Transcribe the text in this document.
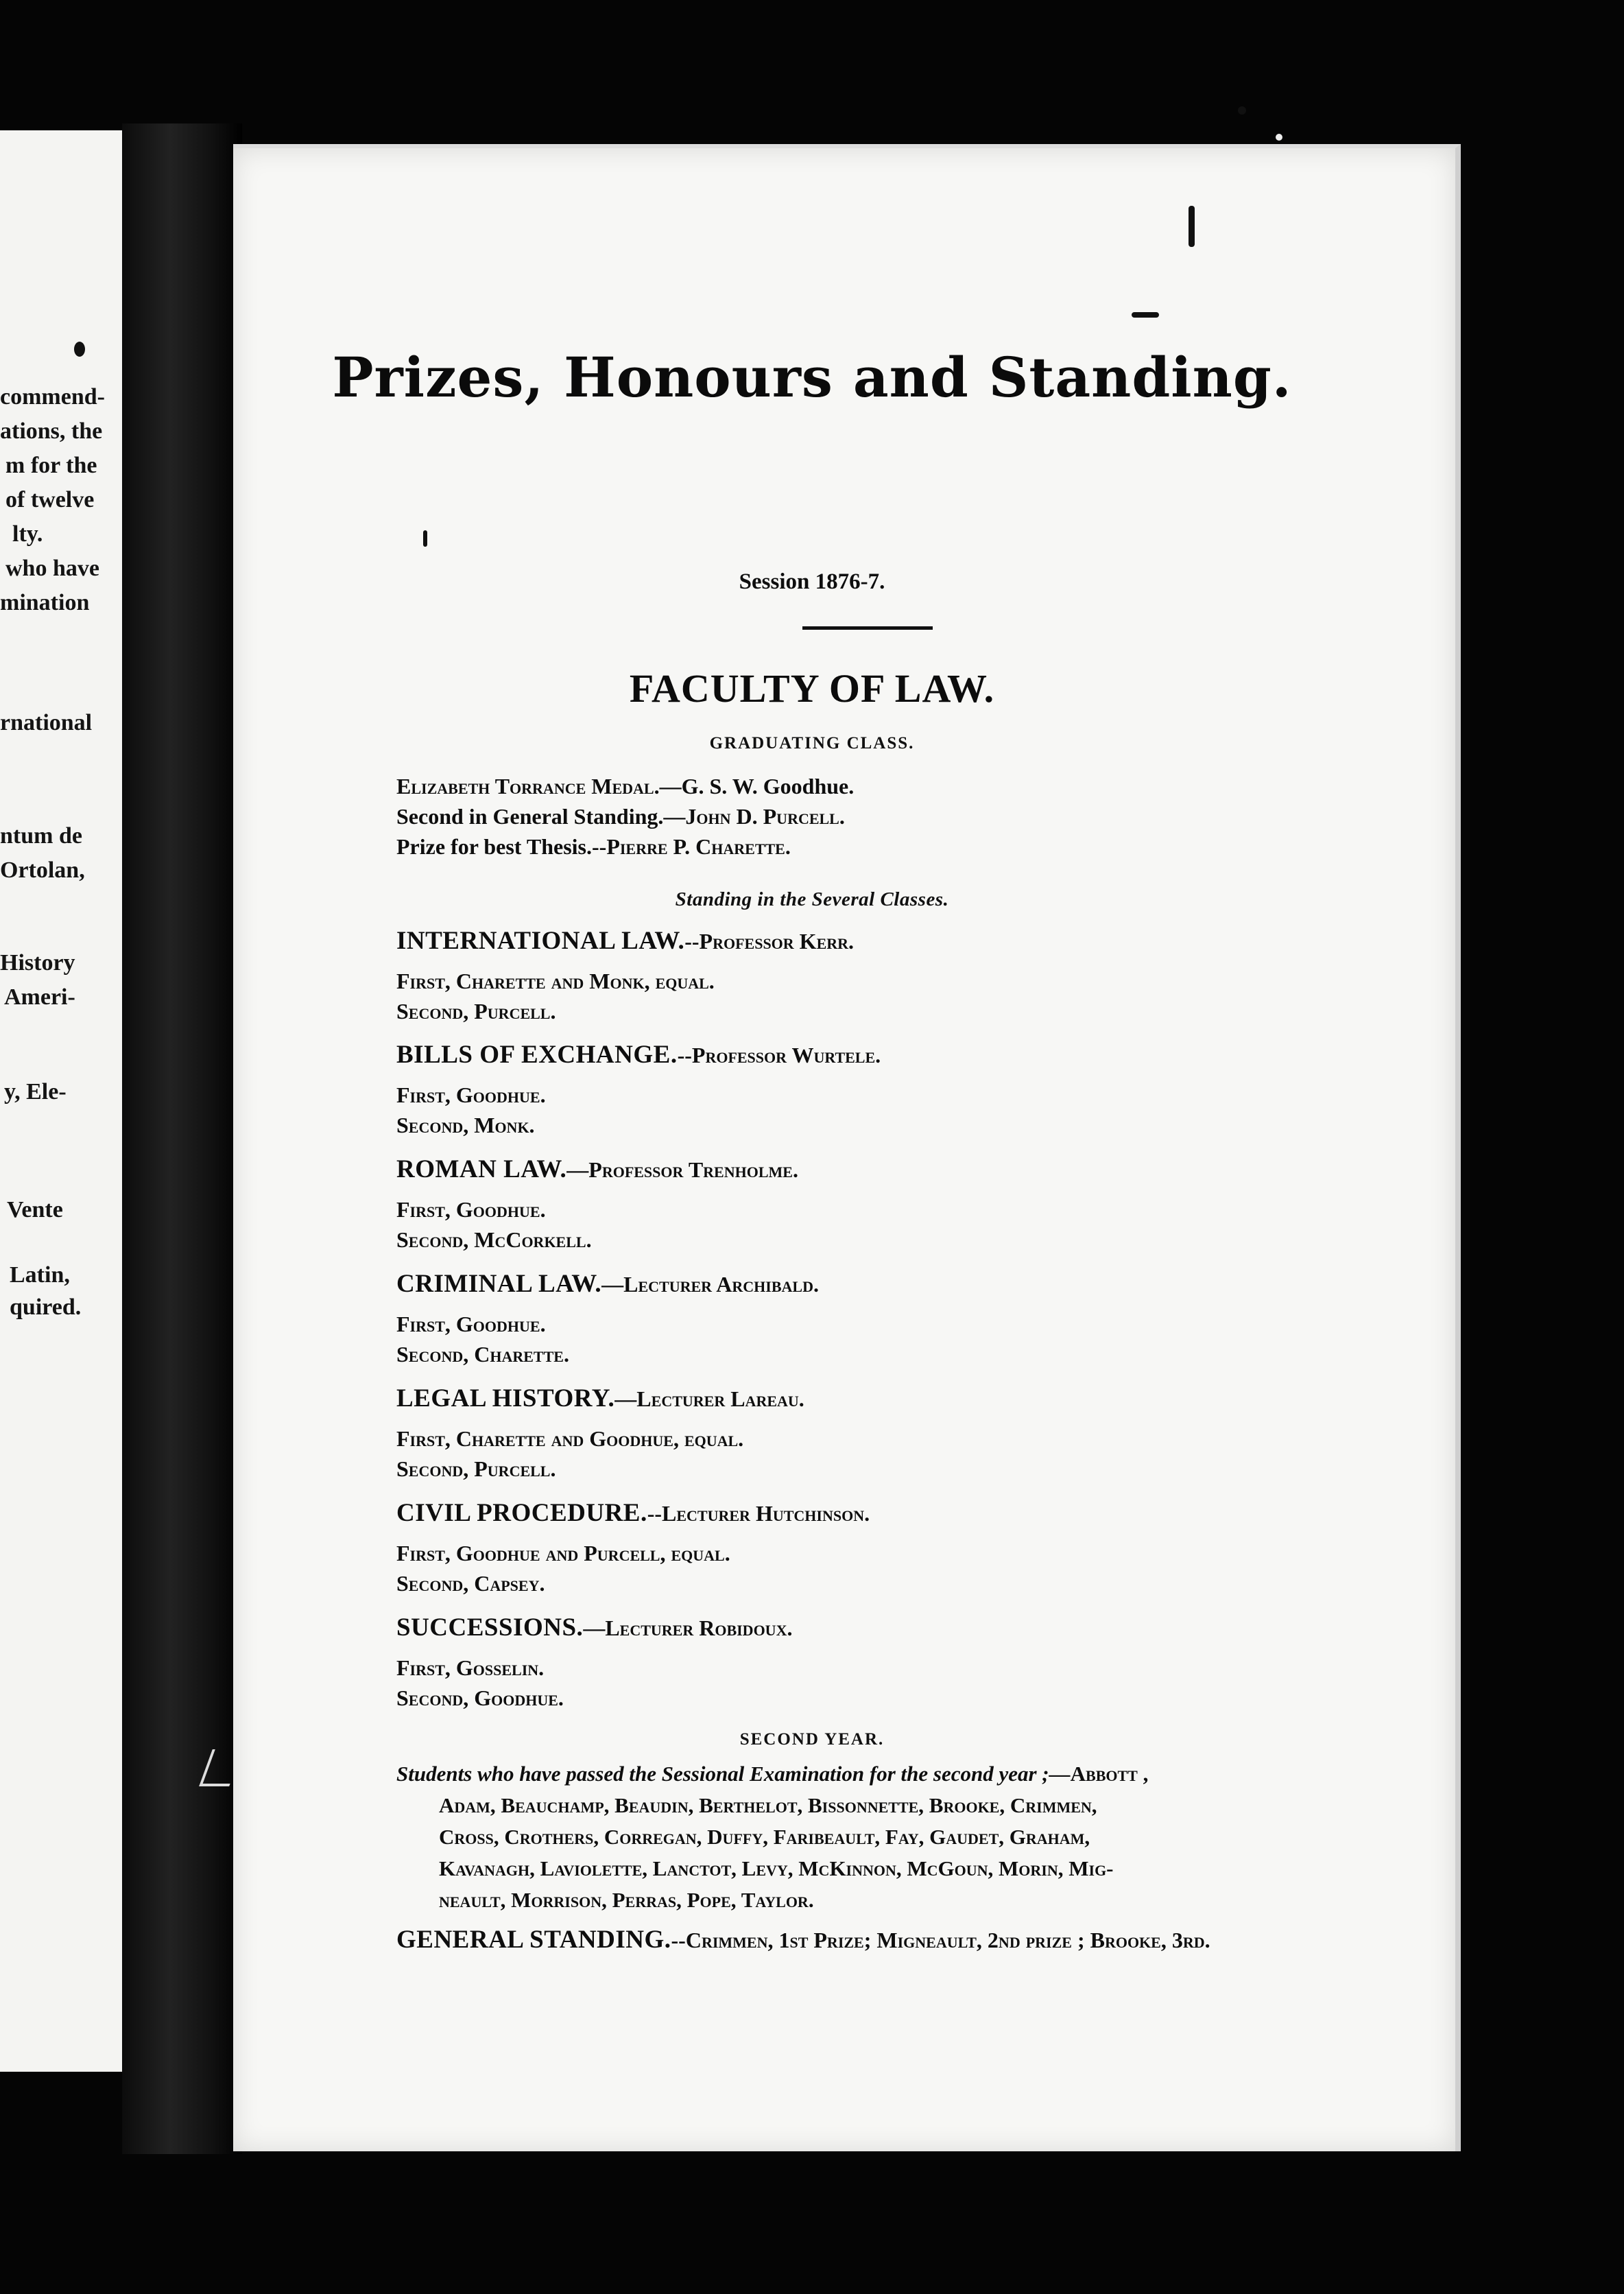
commend-
ations, the
m for the
of twelve
lty.
who have
mination
rnational
ntum de
Ortolan,
History
Ameri-
y, Ele-
Vente
Latin,
quired.
Prizes, Honours and Standing.
Session 1876-7.
FACULTY OF LAW.
GRADUATING CLASS.
Elizabeth Torrance Medal.—G. S. W. Goodhue.
Second in General Standing.—John D. Purcell.
Prize for best Thesis.--Pierre P. Charette.
Standing in the Several Classes.
INTERNATIONAL LAW.--Professor Kerr.
First, Charette and Monk, equal.
Second, Purcell.
BILLS OF EXCHANGE.--Professor Wurtele.
First, Goodhue.
Second, Monk.
ROMAN LAW.—Professor Trenholme.
First, Goodhue.
Second, McCorkell.
CRIMINAL LAW.—Lecturer Archibald.
First, Goodhue.
Second, Charette.
LEGAL HISTORY.—Lecturer Lareau.
First, Charette and Goodhue, equal.
Second, Purcell.
CIVIL PROCEDURE.--Lecturer Hutchinson.
First, Goodhue and Purcell, equal.
Second, Capsey.
SUCCESSIONS.—Lecturer Robidoux.
First, Gosselin.
Second, Goodhue.
SECOND YEAR.
Students who have passed the Sessional Examination for the second year ;—Abbott ,
Adam, Beauchamp, Beaudin, Berthelot, Bissonnette, Brooke, Crimmen,
Cross, Crothers, Corregan, Duffy, Faribeault, Fay, Gaudet, Graham,
Kavanagh, Laviolette, Lanctot, Levy, McKinnon, McGoun, Morin, Mig-
neault, Morrison, Perras, Pope, Taylor.
GENERAL STANDING.--Crimmen, 1st Prize; Migneault, 2nd prize ; Brooke, 3rd.
